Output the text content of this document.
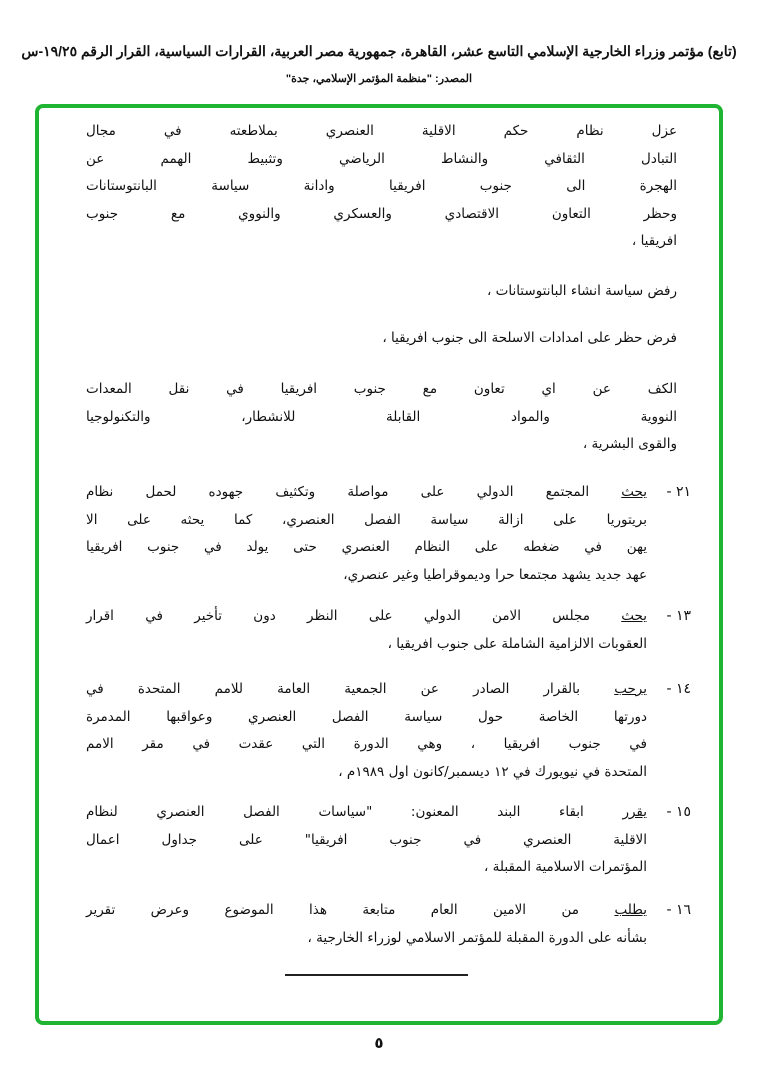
(تابع) مؤتمر وزراء الخارجية الإسلامي التاسع عشر، القاهرة، جمهورية مصر العربية، القرارات السياسية، القرار الرقم ١٩/٢٥-س
المصدر: "منظمة المؤتمر الإسلامي، جدة"
عزل نظام حكم الاقلية العنصري بملاطعته في مجال
التبادل الثقافي والنشاط الرياضي وتثبيط الهمم عن
الهجرة الى جنوب افريقيا وادانة سياسة البانتوستانات
وحظر التعاون الاقتصادي والعسكري والنووي مع جنوب
افريقيا ،
رفض سياسة انشاء البانتوستانات ،
فرض حظر على امدادات الاسلحة الى جنوب افريقيا ،
الكف عن اي تعاون مع جنوب افريقيا في نقل المعدات
النووية والمواد القابلة للانشطار، والتكنولوجيا
والقوى البشرية ،
٢١ -
يحث المجتمع الدولي على مواصلة وتكثيف جهوده لحمل نظام
بريتوريا على ازالة سياسة الفصل العنصري، كما يحثه على الا
يهن في ضغطه على النظام العنصري حتى يولد في جنوب افريقيا
عهد جديد يشهد مجتمعا حرا وديموقراطيا وغير عنصري،
١٣ -
يحث مجلس الامن الدولي على النظر دون تأخير في اقرار
العقوبات الالزامية الشاملة على جنوب افريقيا ،
١٤ -
يرحب بالقرار الصادر عن الجمعية العامة للامم المتحدة في
دورتها الخاصة حول سياسة الفصل العنصري وعواقبها المدمرة
في جنوب افريقيا ، وهي الدورة التي عقدت في مقر الامم
المتحدة في نيويورك في ١٢ ديسمبر/كانون اول ١٩٨٩م ،
١٥ -
يقرر ابقاء البند المعنون: "سياسات الفصل العنصري لنظام
الاقلية العنصري في جنوب افريقيا" على جداول اعمال
المؤتمرات الاسلامية المقبلة ،
١٦ -
يطلب من الامين العام متابعة هذا الموضوع وعرض تقرير
بشأنه على الدورة المقبلة للمؤتمر الاسلامي لوزراء الخارجية ،
٥
